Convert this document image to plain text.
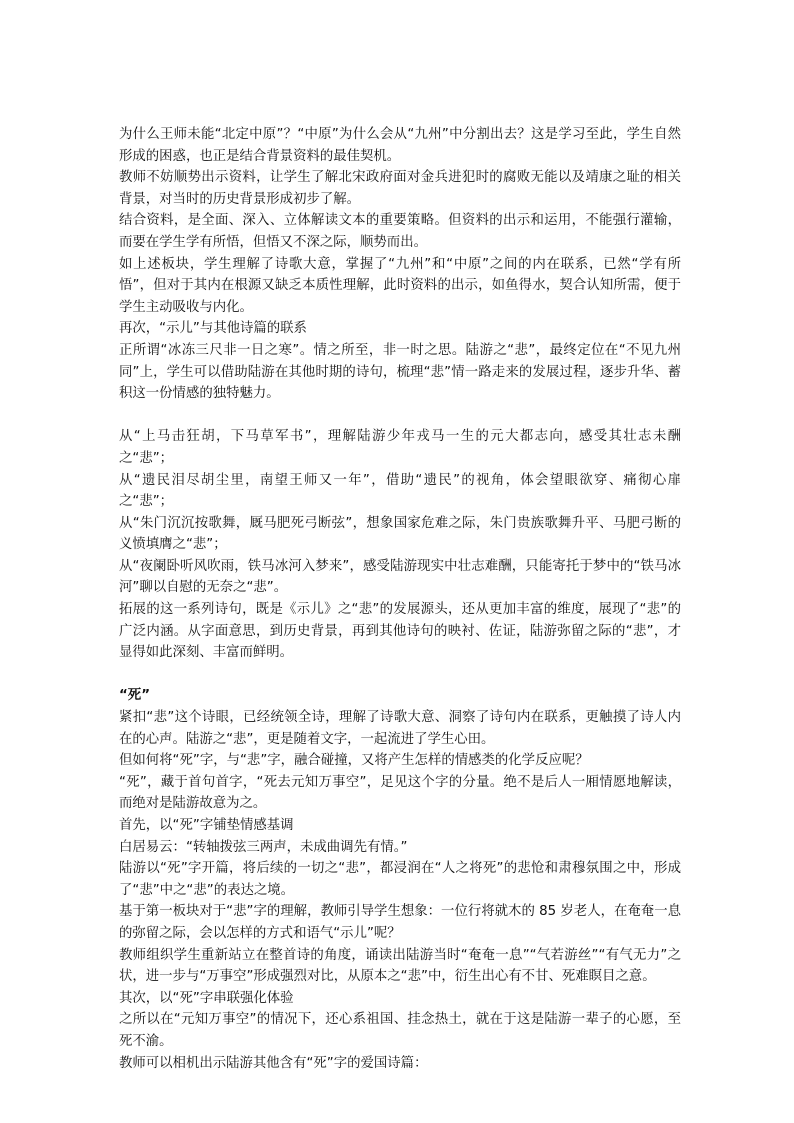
为什么王师未能“北定中原”？“中原”为什么会从“九州”中分割出去？这是学习至此，学生自然形成的困惑，也正是结合背景资料的最佳契机。

教师不妨顺势出示资料，让学生了解北宋政府面对金兵进犯时的腐败无能以及靖康之耻的相关背景，对当时的历史背景形成初步了解。

结合资料，是全面、深入、立体解读文本的重要策略。但资料的出示和运用，不能强行灌输，而要在学生学有所悟，但悟又不深之际，顺势而出。

如上述板块，学生理解了诗歌大意，掌握了“九州”和“中原”之间的内在联系，已然“学有所悟”，但对于其内在根源又缺乏本质性理解，此时资料的出示，如鱼得水，契合认知所需，便于学生主动吸收与内化。

再次，“示儿”与其他诗篇的联系

正所谓“冰冻三尺非一日之寒”。情之所至，非一时之思。陆游之“悲”，最终定位在“不见九州同”上，学生可以借助陆游在其他时期的诗句，梳理“悲”情一路走来的发展过程，逐步升华、蓄积这一份情感的独特魅力。

从“上马击狂胡，下马草军书”，理解陆游少年戎马一生的元大都志向，感受其壮志未酬之“悲”；

从“遗民泪尽胡尘里，南望王师又一年”，借助“遗民”的视角，体会望眼欲穿、痛彻心扉之“悲”；

从“朱门沉沉按歌舞，厩马肥死弓断弦”，想象国家危难之际，朱门贵族歌舞升平、马肥弓断的义愤填膺之“悲”；

从“夜阑卧听风吹雨，铁马冰河入梦来”，感受陆游现实中壮志难酬，只能寄托于梦中的“铁马冰河”聊以自慰的无奈之“悲”。

拓展的这一系列诗句，既是《示儿》之“悲”的发展源头，还从更加丰富的维度，展现了“悲”的广泛内涵。从字面意思，到历史背景，再到其他诗句的映衬、佐证，陆游弥留之际的“悲”，才显得如此深刻、丰富而鲜明。

“死”

紧扣“悲”这个诗眼，已经统领全诗，理解了诗歌大意、洞察了诗句内在联系，更触摸了诗人内在的心声。陆游之“悲”，更是随着文字，一起流进了学生心田。

但如何将“死”字，与“悲”字，融合碰撞，又将产生怎样的情感类的化学反应呢？

“死”，藏于首句首字，“死去元知万事空”，足见这个字的分量。绝不是后人一厢情愿地解读，而绝对是陆游故意为之。

首先，以“死”字铺垫情感基调

白居易云：“转轴拨弦三两声，未成曲调先有情。”

陆游以“死”字开篇，将后续的一切之“悲”，都浸润在“人之将死”的悲怆和肃穆氛围之中，形成了“悲”中之“悲”的表达之境。

基于第一板块对于“悲”字的理解，教师引导学生想象：一位行将就木的 85 岁老人，在奄奄一息的弥留之际，会以怎样的方式和语气“示儿”呢？

教师组织学生重新站立在整首诗的角度，诵读出陆游当时“奄奄一息”“气若游丝”“有气无力”之状，进一步与“万事空”形成强烈对比，从原本之“悲”中，衍生出心有不甘、死难瞑目之意。

其次，以“死”字串联强化体验

之所以在“元知万事空”的情况下，还心系祖国、挂念热土，就在于这是陆游一辈子的心愿，至死不渝。

教师可以相机出示陆游其他含有“死”字的爱国诗篇：
